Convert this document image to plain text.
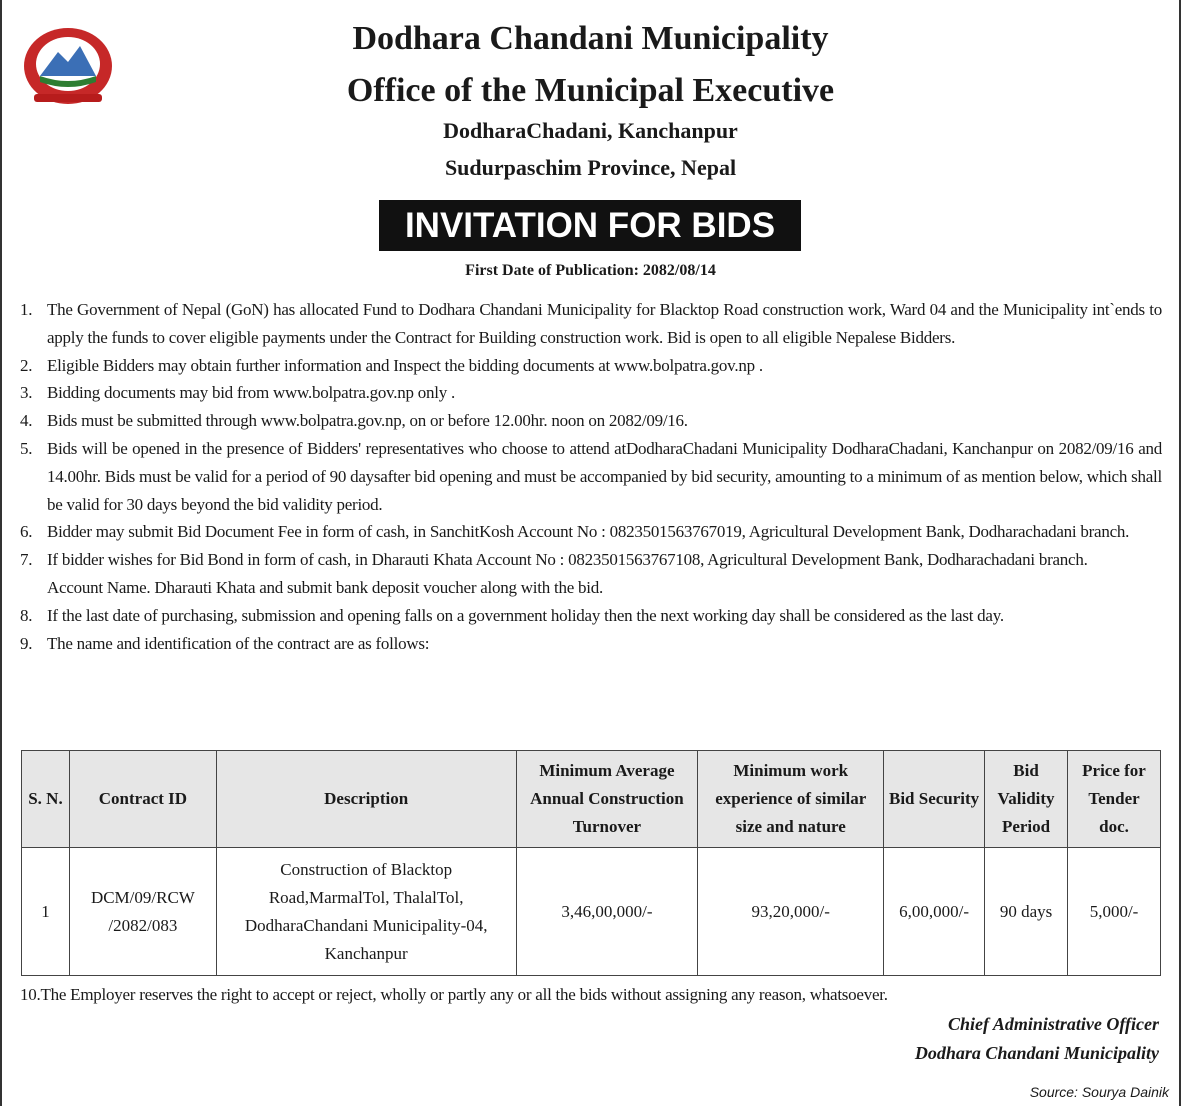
Dodhara Chandani Municipality
Office of the Municipal Executive
DodharaChadani, Kanchanpur
Sudurpaschim Province, Nepal
INVITATION FOR BIDS
First Date of Publication: 2082/08/14
1. The Government of Nepal (GoN) has allocated Fund to Dodhara Chandani Municipality for Blacktop Road construction work, Ward 04 and the Municipality int`ends to apply the funds to cover eligible payments under the Contract for Building construction work. Bid is open to all eligible Nepalese Bidders.
2. Eligible Bidders may obtain further information and Inspect the bidding documents at www.bolpatra.gov.np .
3. Bidding documents may bid from www.bolpatra.gov.np only .
4. Bids must be submitted through www.bolpatra.gov.np, on or before 12.00hr. noon on 2082/09/16.
5. Bids will be opened in the presence of Bidders' representatives who choose to attend atDodharaChadani Municipality DodharaChadani, Kanchanpur on 2082/09/16 and 14.00hr. Bids must be valid for a period of 90 daysafter bid opening and must be accompanied by bid security, amounting to a minimum of as mention below, which shall be valid for 30 days beyond the bid validity period.
6. Bidder may submit Bid Document Fee in form of cash, in SanchitKosh Account No : 0823501563767019, Agricultural Development Bank, Dodharachadani branch.
7. If bidder wishes for Bid Bond in form of cash, in Dharauti Khata Account No : 0823501563767108, Agricultural Development Bank, Dodharachadani branch.
Account Name. Dharauti Khata and submit bank deposit voucher along with the bid.
8. If the last date of purchasing, submission and opening falls on a government holiday then the next working day shall be considered as the last day.
9. The name and identification of the contract are as follows:
S. N.	Contract ID	Description	Minimum Average Annual Construction Turnover	Minimum work experience of similar size and nature	Bid Security	Bid Validity Period	Price for Tender doc.
1	DCM/09/RCW /2082/083	Construction of Blacktop Road,MarmalTol, ThalalTol, DodharaChandani Municipality-04, Kanchanpur	3,46,00,000/-	93,20,000/-	6,00,000/-	90 days	5,000/-
10.The Employer reserves the right to accept or reject, wholly or partly any or all the bids without assigning any reason, whatsoever.
Chief Administrative Officer
Dodhara Chandani Municipality
Source: Sourya Dainik
